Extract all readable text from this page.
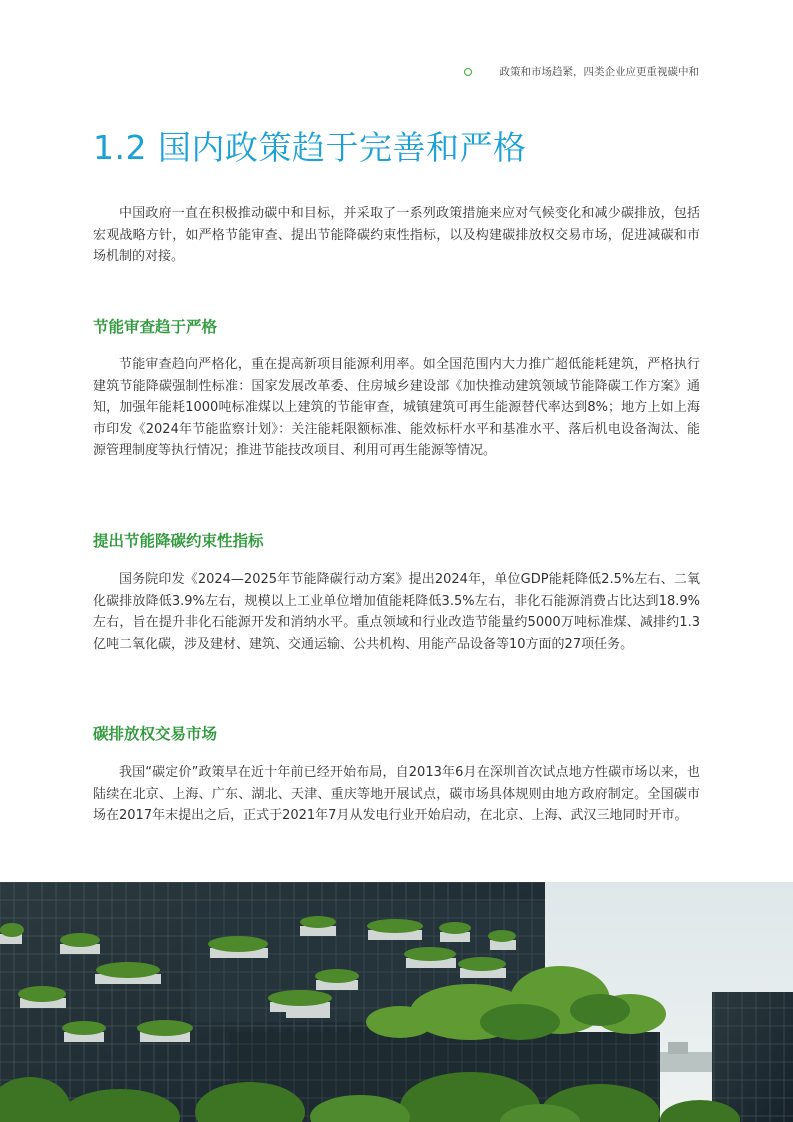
政策和市场趋紧，四类企业应更重视碳中和
1.2 国内政策趋于完善和严格

中国政府一直在积极推动碳中和目标，并采取了一系列政策措施来应对气候变化和减少碳排放，包括宏观战略方针，如严格节能审查、提出节能降碳约束性指标，以及构建碳排放权交易市场，促进减碳和市场机制的对接。

节能审查趋于严格

节能审查趋向严格化，重在提高新项目能源利用率。如全国范围内大力推广超低能耗建筑，严格执行建筑节能降碳强制性标准：国家发展改革委、住房城乡建设部《加快推动建筑领域节能降碳工作方案》通知，加强年能耗1000吨标准煤以上建筑的节能审查，城镇建筑可再生能源替代率达到8%；地方上如上海市印发《2024年节能监察计划》：关注能耗限额标准、能效标杆水平和基准水平、落后机电设备淘汰、能源管理制度等执行情况；推进节能技改项目、利用可再生能源等情况。

提出节能降碳约束性指标

国务院印发《2024—2025年节能降碳行动方案》提出2024年，单位GDP能耗降低2.5%左右、二氧化碳排放降低3.9%左右，规模以上工业单位增加值能耗降低3.5%左右，非化石能源消费占比达到18.9%左右，旨在提升非化石能源开发和消纳水平。重点领域和行业改造节能量约5000万吨标准煤、减排约1.3亿吨二氧化碳，涉及建材、建筑、交通运输、公共机构、用能产品设备等10方面的27项任务。

碳排放权交易市场

我国“碳定价”政策早在近十年前已经开始布局，自2013年6月在深圳首次试点地方性碳市场以来，也陆续在北京、上海、广东、湖北、天津、重庆等地开展试点，碳市场具体规则由地方政府制定。全国碳市场在2017年末提出之后，正式于2021年7月从发电行业开始启动，在北京、上海、武汉三地同时开市。
